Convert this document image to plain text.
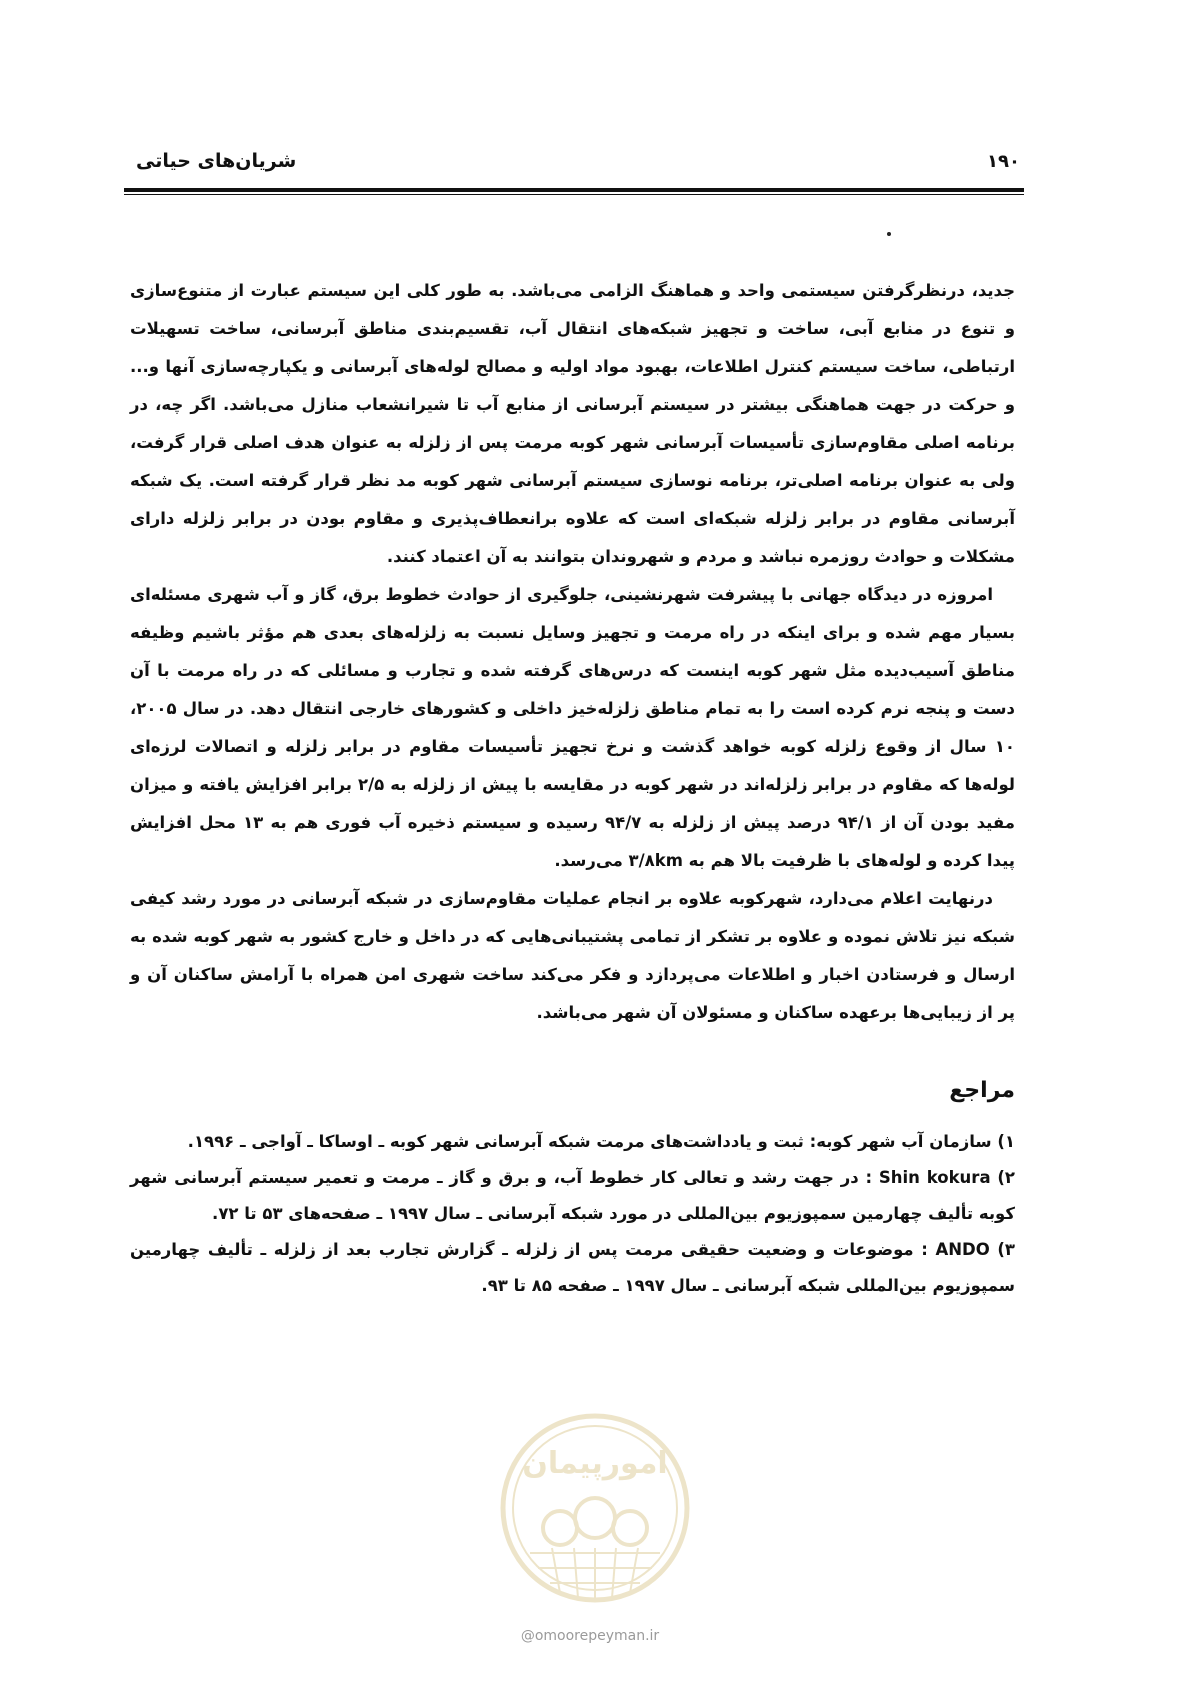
شریان‌های حیاتی	۱۹۰

جدید، درنظرگرفتن سیستمی واحد و هماهنگ الزامی می‌باشد. به طور کلی این سیستم عبارت از متنوع‌سازی و تنوع در منابع آبی، ساخت و تجهیز شبکه‌های انتقال آب، تقسیم‌بندی مناطق آبرسانی، ساخت تسهیلات ارتباطی، ساخت سیستم کنترل اطلاعات، بهبود مواد اولیه و مصالح لوله‌های آبرسانی و یکپارچه‌سازی آنها و... و حرکت در جهت هماهنگی بیشتر در سیستم آبرسانی از منابع آب تا شیرانشعاب منازل می‌باشد. اگر چه، در برنامه اصلی مقاوم‌سازی تأسیسات آبرسانی شهر کوبه مرمت پس از زلزله به عنوان هدف اصلی قرار گرفت، ولی به عنوان برنامه اصلی‌تر، برنامه نوسازی سیستم آبرسانی شهر کوبه مد نظر قرار گرفته است. یک شبکه آبرسانی مقاوم در برابر زلزله شبکه‌ای است که علاوه برانعطاف‌پذیری و مقاوم بودن در برابر زلزله دارای مشکلات و حوادث روزمره نباشد و مردم و شهروندان بتوانند به آن اعتماد کنند.

امروزه در دیدگاه جهانی با پیشرفت شهرنشینی، جلوگیری از حوادث خطوط برق، گاز و آب شهری مسئله‌ای بسیار مهم شده و برای اینکه در راه مرمت و تجهیز وسایل نسبت به زلزله‌های بعدی هم مؤثر باشیم وظیفه مناطق آسیب‌دیده مثل شهر کوبه اینست که درس‌های گرفته شده و تجارب و مسائلی که در راه مرمت با آن دست و پنجه نرم کرده است را به تمام مناطق زلزله‌خیز داخلی و کشورهای خارجی انتقال دهد. در سال ۲۰۰۵، ۱۰ سال از وقوع زلزله کوبه خواهد گذشت و نرخ تجهیز تأسیسات مقاوم در برابر زلزله و اتصالات لرزه‌ای لوله‌ها که مقاوم در برابر زلزله‌اند در شهر کوبه در مقایسه با پیش از زلزله به ۲/۵ برابر افزایش یافته و میزان مفید بودن آن از ۹۴/۱ درصد پیش از زلزله به ۹۴/۷ رسیده و سیستم ذخیره آب فوری هم به ۱۳ محل افزایش پیدا کرده و لوله‌های با ظرفیت بالا هم به ۳/۸km می‌رسد.

درنهایت اعلام می‌دارد، شهرکوبه علاوه بر انجام عملیات مقاوم‌سازی در شبکه آبرسانی در مورد رشد کیفی شبکه نیز تلاش نموده و علاوه بر تشکر از تمامی پشتیبانی‌هایی که در داخل و خارج کشور به شهر کوبه شده به ارسال و فرستادن اخبار و اطلاعات می‌پردازد و فکر می‌کند ساخت شهری امن همراه با آرامش ساکنان آن و پر از زیبایی‌ها برعهده ساکنان و مسئولان آن شهر می‌باشد.

مراجع

۱) سازمان آب شهر کوبه: ثبت و یادداشت‌های مرمت شبکه آبرسانی شهر کوبه ـ اوساکا ـ آواجی ـ ۱۹۹۶.

۲) Shin kokura : در جهت رشد و تعالی کار خطوط آب، و برق و گاز ـ مرمت و تعمیر سیستم آبرسانی شهر کوبه تألیف چهارمین سمپوزیوم بین‌المللی در مورد شبکه آبرسانی ـ سال ۱۹۹۷ ـ صفحه‌های ۵۳ تا ۷۲.

۳) ANDO : موضوعات و وضعیت حقیقی مرمت پس از زلزله ـ گزارش تجارب بعد از زلزله ـ تألیف چهارمین سمپوزیوم بین‌المللی شبکه آبرسانی ـ سال ۱۹۹۷ ـ صفحه ۸۵ تا ۹۳.

امورپیمان
@omoorepeyman.ir
